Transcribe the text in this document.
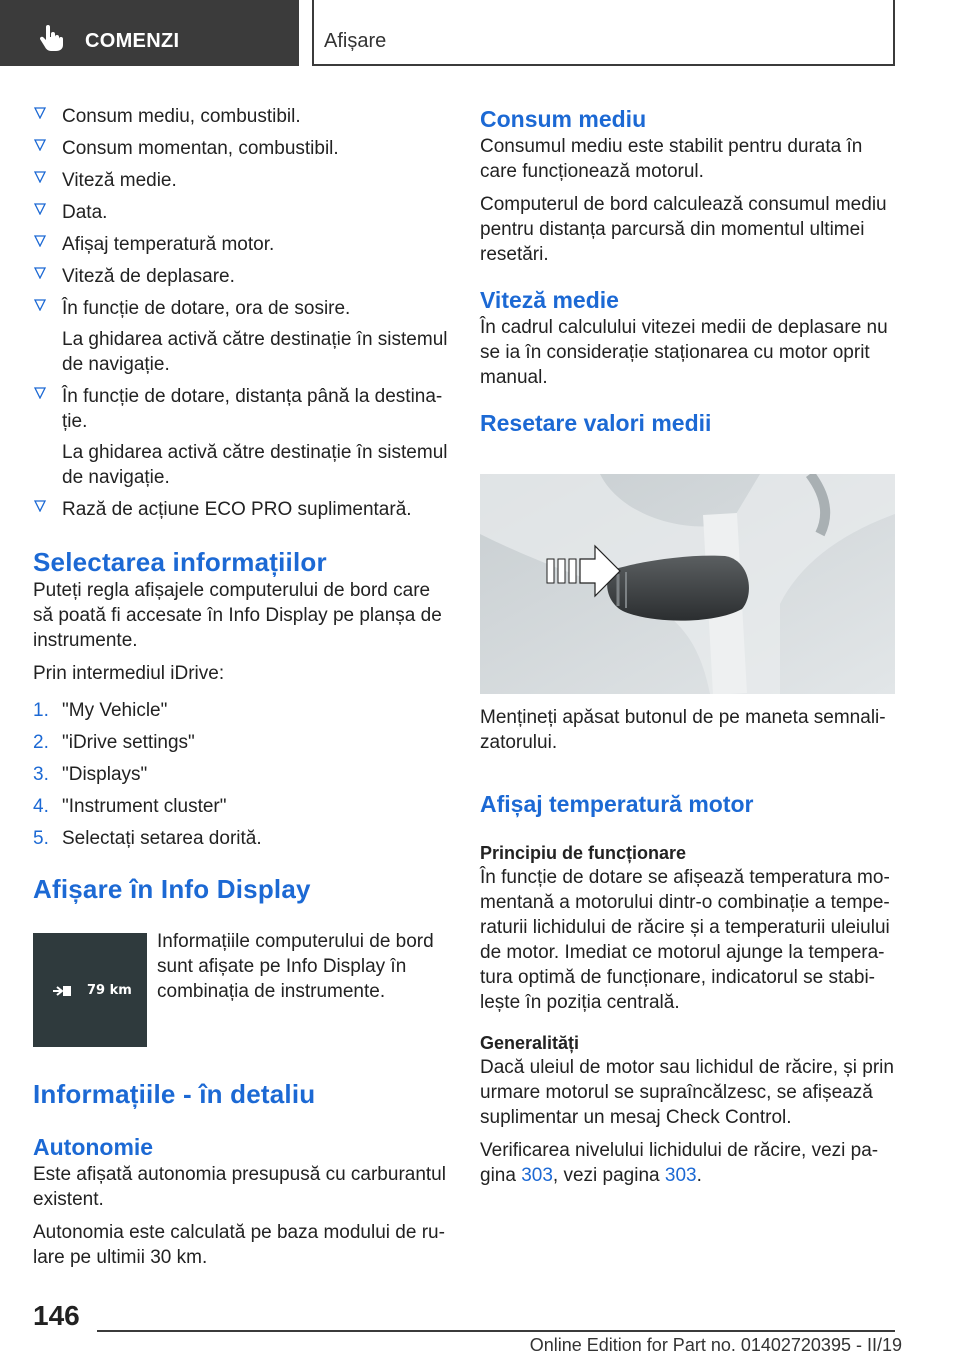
COMENZI	Afișare

Consum mediu, combustibil.

Consum momentan, combustibil.

Viteză medie.

Data.

Afișaj temperatură motor.

Viteză de deplasare.

În funcție de dotare, ora de sosire.

La ghidarea activă către destinație în sistemul de navigație.

În funcție de dotare, distanța până la destina-ție.

La ghidarea activă către destinație în sistemul de navigație.

Rază de acțiune ECO PRO suplimentară.

Selectarea informațiilor

Puteți regla afișajele computerului de bord care să poată fi accesate în Info Display pe planșa de instrumente.

Prin intermediul iDrive:

1. "My Vehicle"
2. "iDrive settings"
3. "Displays"
4. "Instrument cluster"
5. Selectați setarea dorită.
Afișare în Info Display
79 km

Informațiile computerului de bord sunt afișate pe Info Display în combinația de instrumente.

Informațiile - în detaliu
Autonomie

Este afișată autonomia presupusă cu carburantul existent.

Autonomia este calculată pe baza modului de ru-lare pe ultimii 30 km.

Consum mediu

Consumul mediu este stabilit pentru durata în care funcționează motorul.

Computerul de bord calculează consumul mediu pentru distanța parcursă din momentul ultimei resetări.

Viteză medie

În cadrul calculului vitezei medii de deplasare nu se ia în considerație staționarea cu motor oprit manual.

Resetare valori medii

Mențineți apăsat butonul de pe maneta semnali-zatorului.

Afișaj temperatură motor
Principiu de funcționare

În funcție de dotare se afișează temperatura mo-mentană a motorului dintr-o combinație a tempe-raturii lichidului de răcire și a temperaturii uleiului de motor. Imediat ce motorul ajunge la tempera-tura optimă de funcționare, indicatorul se stabi-lește în poziția centrală.

Generalități

Dacă uleiul de motor sau lichidul de răcire, și prin urmare motorul se supraîncălzesc, se afișează suplimentar un mesaj Check Control.

Verificarea nivelului lichidului de răcire, vezi pa-gina 303, vezi pagina 303.

146
Online Edition for Part no. 01402720395 - II/19
